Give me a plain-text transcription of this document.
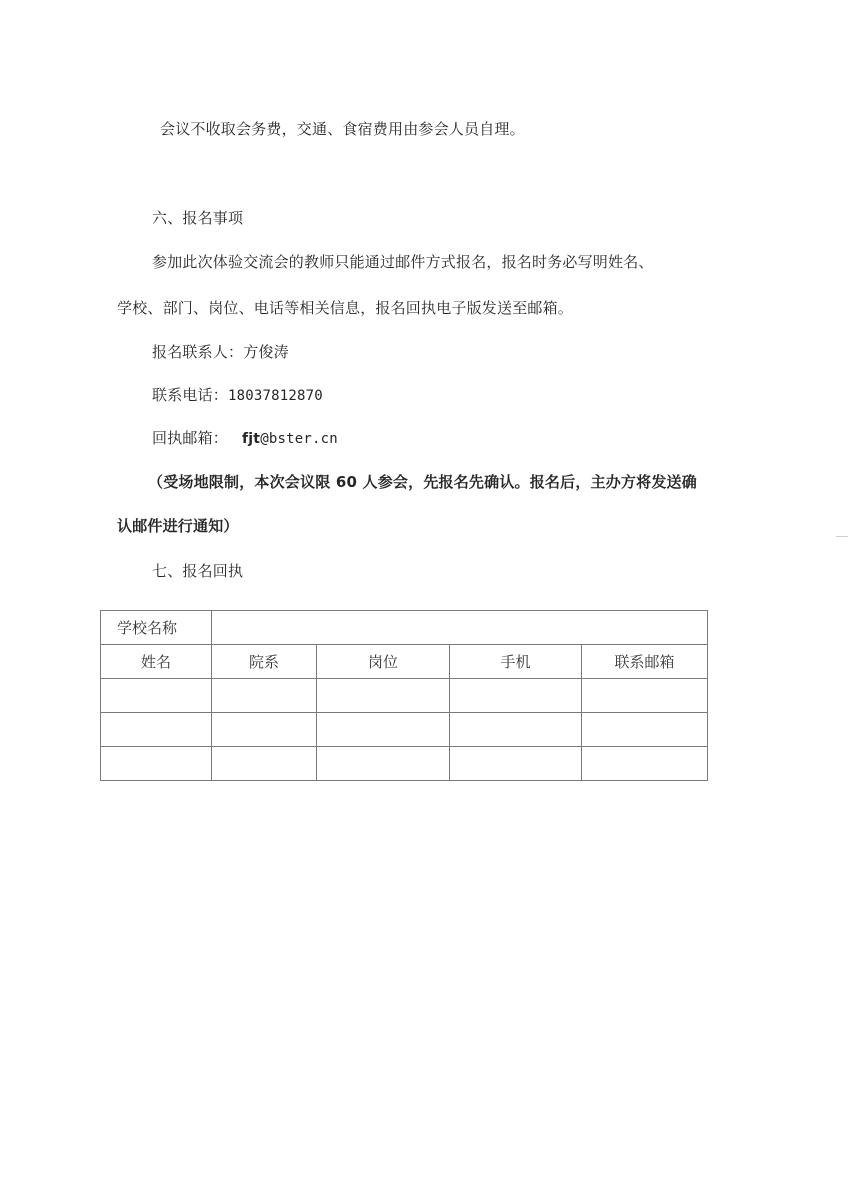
会议不收取会务费，交通、食宿费用由参会人员自理。
六、报名事项
参加此次体验交流会的教师只能通过邮件方式报名，报名时务必写明姓名、
学校、部门、岗位、电话等相关信息，报名回执电子版发送至邮箱。
报名联系人：方俊涛
联系电话：18037812870
回执邮箱： fjt@bster.cn
（受场地限制，本次会议限 60 人参会，先报名先确认。报名后，主办方将发送确
认邮件进行通知）
七、报名回执
学校名称				
姓名	院系	岗位	手机	联系邮箱
